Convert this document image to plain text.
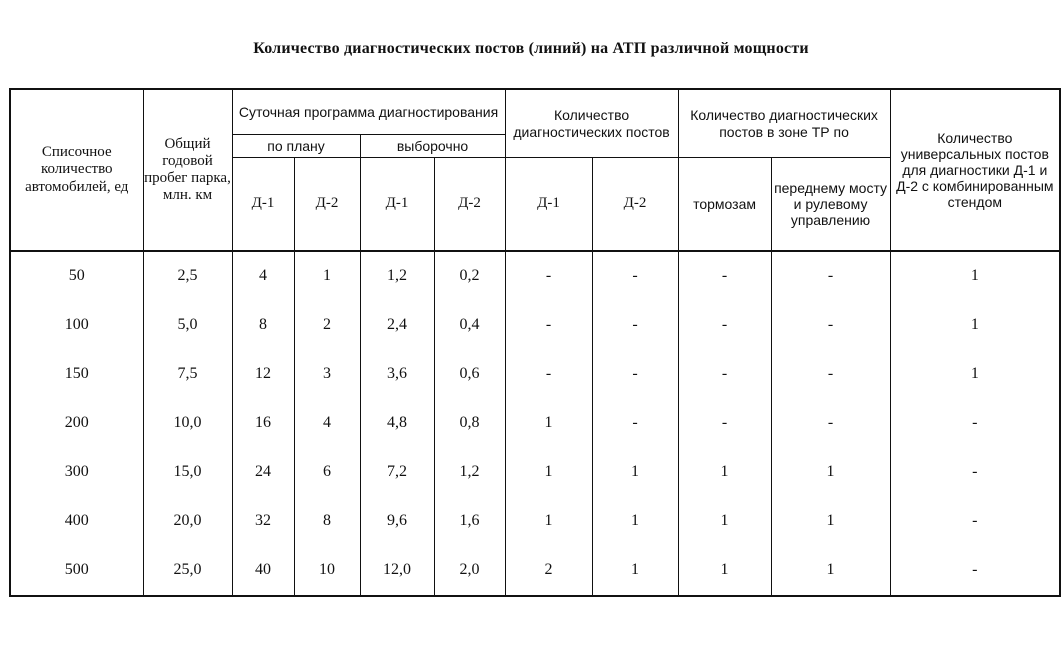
Количество диагностических постов (линий) на АТП различной мощности
Списочное количество автомобилей, ед	Общий годовой пробег парка, млн. км	Суточная программа диагностирования				Количество диагностических постов		Количество диагностических постов в зоне ТР по		Количество универсальных постов для диагностики Д-1 и Д-2 с комбинированным стендом
		по плану		выборочно						
		Д-1	Д-2	Д-1	Д-2	Д-1	Д-2	тормозам	переднему мосту и рулевому управлению	
50	2,5	4	1	1,2	0,2	-	-	-	-	1
100	5,0	8	2	2,4	0,4	-	-	-	-	1
150	7,5	12	3	3,6	0,6	-	-	-	-	1
200	10,0	16	4	4,8	0,8	1	-	-	-	-
300	15,0	24	6	7,2	1,2	1	1	1	1	-
400	20,0	32	8	9,6	1,6	1	1	1	1	-
500	25,0	40	10	12,0	2,0	2	1	1	1	-
